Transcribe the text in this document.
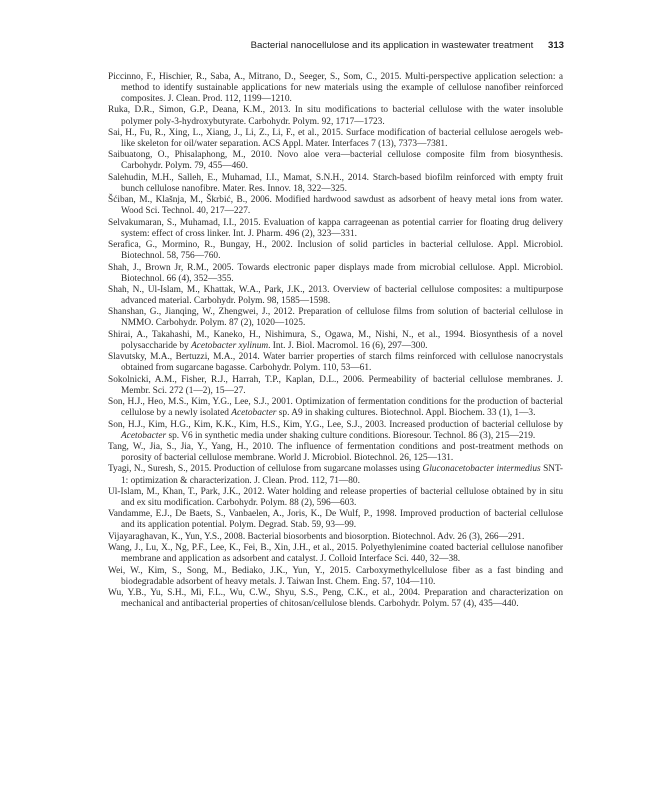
Bacterial nanocellulose and its application in wastewater treatment 313
Piccinno, F., Hischier, R., Saba, A., Mitrano, D., Seeger, S., Som, C., 2015. Multi-perspective application selection: a method to identify sustainable applications for new materials using the example of cellulose nanofiber reinforced composites. J. Clean. Prod. 112, 1199—1210.
Ruka, D.R., Simon, G.P., Deana, K.M., 2013. In situ modifications to bacterial cellulose with the water insoluble polymer poly-3-hydroxybutyrate. Carbohydr. Polym. 92, 1717—1723.
Sai, H., Fu, R., Xing, L., Xiang, J., Li, Z., Li, F., et al., 2015. Surface modification of bacterial cellulose aerogels web-like skeleton for oil/water separation. ACS Appl. Mater. Interfaces 7 (13), 7373—7381.
Saibuatong, O., Phisalaphong, M., 2010. Novo aloe vera—bacterial cellulose composite film from biosynthesis. Carbohydr. Polym. 79, 455—460.
Salehudin, M.H., Salleh, E., Muhamad, I.I., Mamat, S.N.H., 2014. Starch-based biofilm reinforced with empty fruit bunch cellulose nanofibre. Mater. Res. Innov. 18, 322—325.
Šćiban, M., Klašnja, M., Škrbić, B., 2006. Modified hardwood sawdust as adsorbent of heavy metal ions from water. Wood Sci. Technol. 40, 217—227.
Selvakumaran, S., Muhamad, I.I., 2015. Evaluation of kappa carrageenan as potential carrier for floating drug delivery system: effect of cross linker. Int. J. Pharm. 496 (2), 323—331.
Serafica, G., Mormino, R., Bungay, H., 2002. Inclusion of solid particles in bacterial cellulose. Appl. Microbiol. Biotechnol. 58, 756—760.
Shah, J., Brown Jr, R.M., 2005. Towards electronic paper displays made from microbial cellulose. Appl. Microbiol. Biotechnol. 66 (4), 352—355.
Shah, N., Ul-Islam, M., Khattak, W.A., Park, J.K., 2013. Overview of bacterial cellulose composites: a multipurpose advanced material. Carbohydr. Polym. 98, 1585—1598.
Shanshan, G., Jianqing, W., Zhengwei, J., 2012. Preparation of cellulose films from solution of bacterial cellulose in NMMO. Carbohydr. Polym. 87 (2), 1020—1025.
Shirai, A., Takahashi, M., Kaneko, H., Nishimura, S., Ogawa, M., Nishi, N., et al., 1994. Biosynthesis of a novel polysaccharide by Acetobacter xylinum. Int. J. Biol. Macromol. 16 (6), 297—300.
Slavutsky, M.A., Bertuzzi, M.A., 2014. Water barrier properties of starch films reinforced with cellulose nanocrystals obtained from sugarcane bagasse. Carbohydr. Polym. 110, 53—61.
Sokolnicki, A.M., Fisher, R.J., Harrah, T.P., Kaplan, D.L., 2006. Permeability of bacterial cellulose membranes. J. Membr. Sci. 272 (1—2), 15—27.
Son, H.J., Heo, M.S., Kim, Y.G., Lee, S.J., 2001. Optimization of fermentation conditions for the production of bacterial cellulose by a newly isolated Acetobacter sp. A9 in shaking cultures. Biotechnol. Appl. Biochem. 33 (1), 1—3.
Son, H.J., Kim, H.G., Kim, K.K., Kim, H.S., Kim, Y.G., Lee, S.J., 2003. Increased production of bacterial cellulose by Acetobacter sp. V6 in synthetic media under shaking culture conditions. Bioresour. Technol. 86 (3), 215—219.
Tang, W., Jia, S., Jia, Y., Yang, H., 2010. The influence of fermentation conditions and post-treatment methods on porosity of bacterial cellulose membrane. World J. Microbiol. Biotechnol. 26, 125—131.
Tyagi, N., Suresh, S., 2015. Production of cellulose from sugarcane molasses using Gluconacetobacter intermedius SNT-1: optimization & characterization. J. Clean. Prod. 112, 71—80.
Ul-Islam, M., Khan, T., Park, J.K., 2012. Water holding and release properties of bacterial cellulose obtained by in situ and ex situ modification. Carbohydr. Polym. 88 (2), 596—603.
Vandamme, E.J., De Baets, S., Vanbaelen, A., Joris, K., De Wulf, P., 1998. Improved production of bacterial cellulose and its application potential. Polym. Degrad. Stab. 59, 93—99.
Vijayaraghavan, K., Yun, Y.S., 2008. Bacterial biosorbents and biosorption. Biotechnol. Adv. 26 (3), 266—291.
Wang, J., Lu, X., Ng, P.F., Lee, K., Fei, B., Xin, J.H., et al., 2015. Polyethylenimine coated bacterial cellulose nanofiber membrane and application as adsorbent and catalyst. J. Colloid Interface Sci. 440, 32—38.
Wei, W., Kim, S., Song, M., Bediako, J.K., Yun, Y., 2015. Carboxymethylcellulose fiber as a fast binding and biodegradable adsorbent of heavy metals. J. Taiwan Inst. Chem. Eng. 57, 104—110.
Wu, Y.B., Yu, S.H., Mi, F.L., Wu, C.W., Shyu, S.S., Peng, C.K., et al., 2004. Preparation and characterization on mechanical and antibacterial properties of chitosan/cellulose blends. Carbohydr. Polym. 57 (4), 435—440.
